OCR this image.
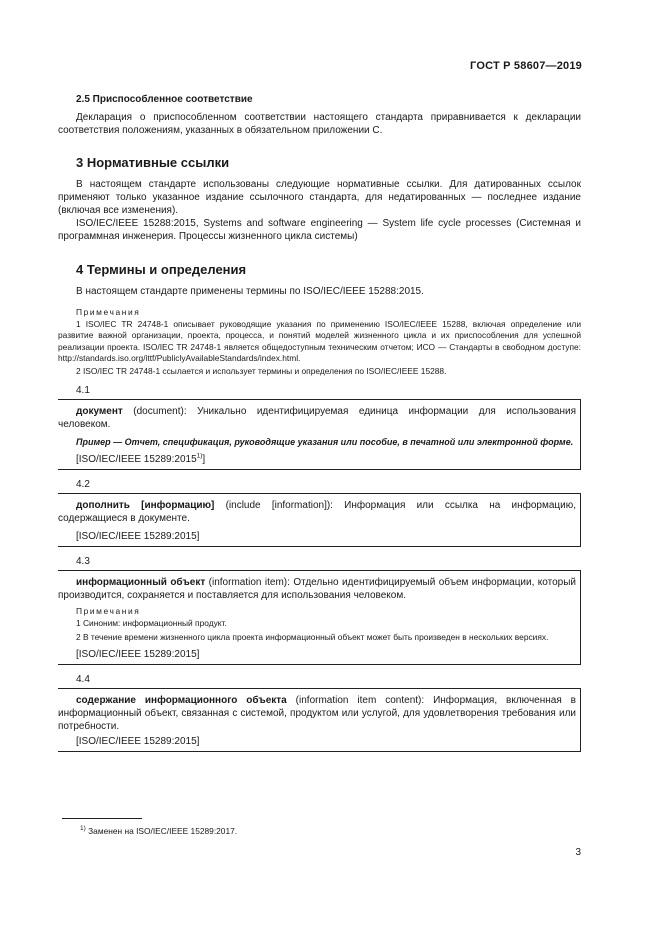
ГОСТ Р 58607—2019
2.5 Приспособленное соответствие

Декларация о приспособленном соответствии настоящего стандарта приравнивается к декларации соответствия положениям, указанных в обязательном приложении С.

3 Нормативные ссылки

В настоящем стандарте использованы следующие нормативные ссылки. Для датированных ссылок применяют только указанное издание ссылочного стандарта, для недатированных — последнее издание (включая все изменения).

ISO/IEC/IEEE 15288:2015, Systems and software engineering — System life cycle processes (Системная и программная инженерия. Процессы жизненного цикла системы)

4 Термины и определения

В настоящем стандарте применены термины по ISO/IEC/IEEE 15288:2015.

Примечания

1 ISO/IEC TR 24748-1 описывает руководящие указания по применению ISO/IEC/IEEE 15288, включая определение или развитие важной организации, проекта, процесса, и понятий моделей жизненного цикла и их приспособления для успешной реализации проекта. ISO/IEC TR 24748-1 является общедоступным техническим отчетом; ИСО — Стандарты в свободном доступе: http://standards.iso.org/ittf/PubliclyAvailableStandards/index.html.

2 ISO/IEC TR 24748-1 ссылается и использует термины и определения по ISO/IEC/IEEE 15288.

4.1

документ (document): Уникально идентифицируемая единица информации для использования человеком.

Пример — Отчет, спецификация, руководящие указания или пособие, в печатной или электронной форме.

[ISO/IEC/IEEE 15289:2015$^{1)}$]

4.2

дополнить [информацию] (include [information]): Информация или ссылка на информацию, содержащиеся в документе.

[ISO/IEC/IEEE 15289:2015]

4.3

информационный объект (information item): Отдельно идентифицируемый объем информации, который производится, сохраняется и поставляется для использования человеком.

Примечания

1 Синоним: информационный продукт.

2 В течение времени жизненного цикла проекта информационный объект может быть произведен в нескольких версиях.

[ISO/IEC/IEEE 15289:2015]

4.4

содержание информационного объекта (information item content): Информация, включенная в информационный объект, связанная с системой, продуктом или услугой, для удовлетворения требования или потребности.

[ISO/IEC/IEEE 15289:2015]

$^{1)}$ Заменен на ISO/IEC/IEEE 15289:2017.
3
